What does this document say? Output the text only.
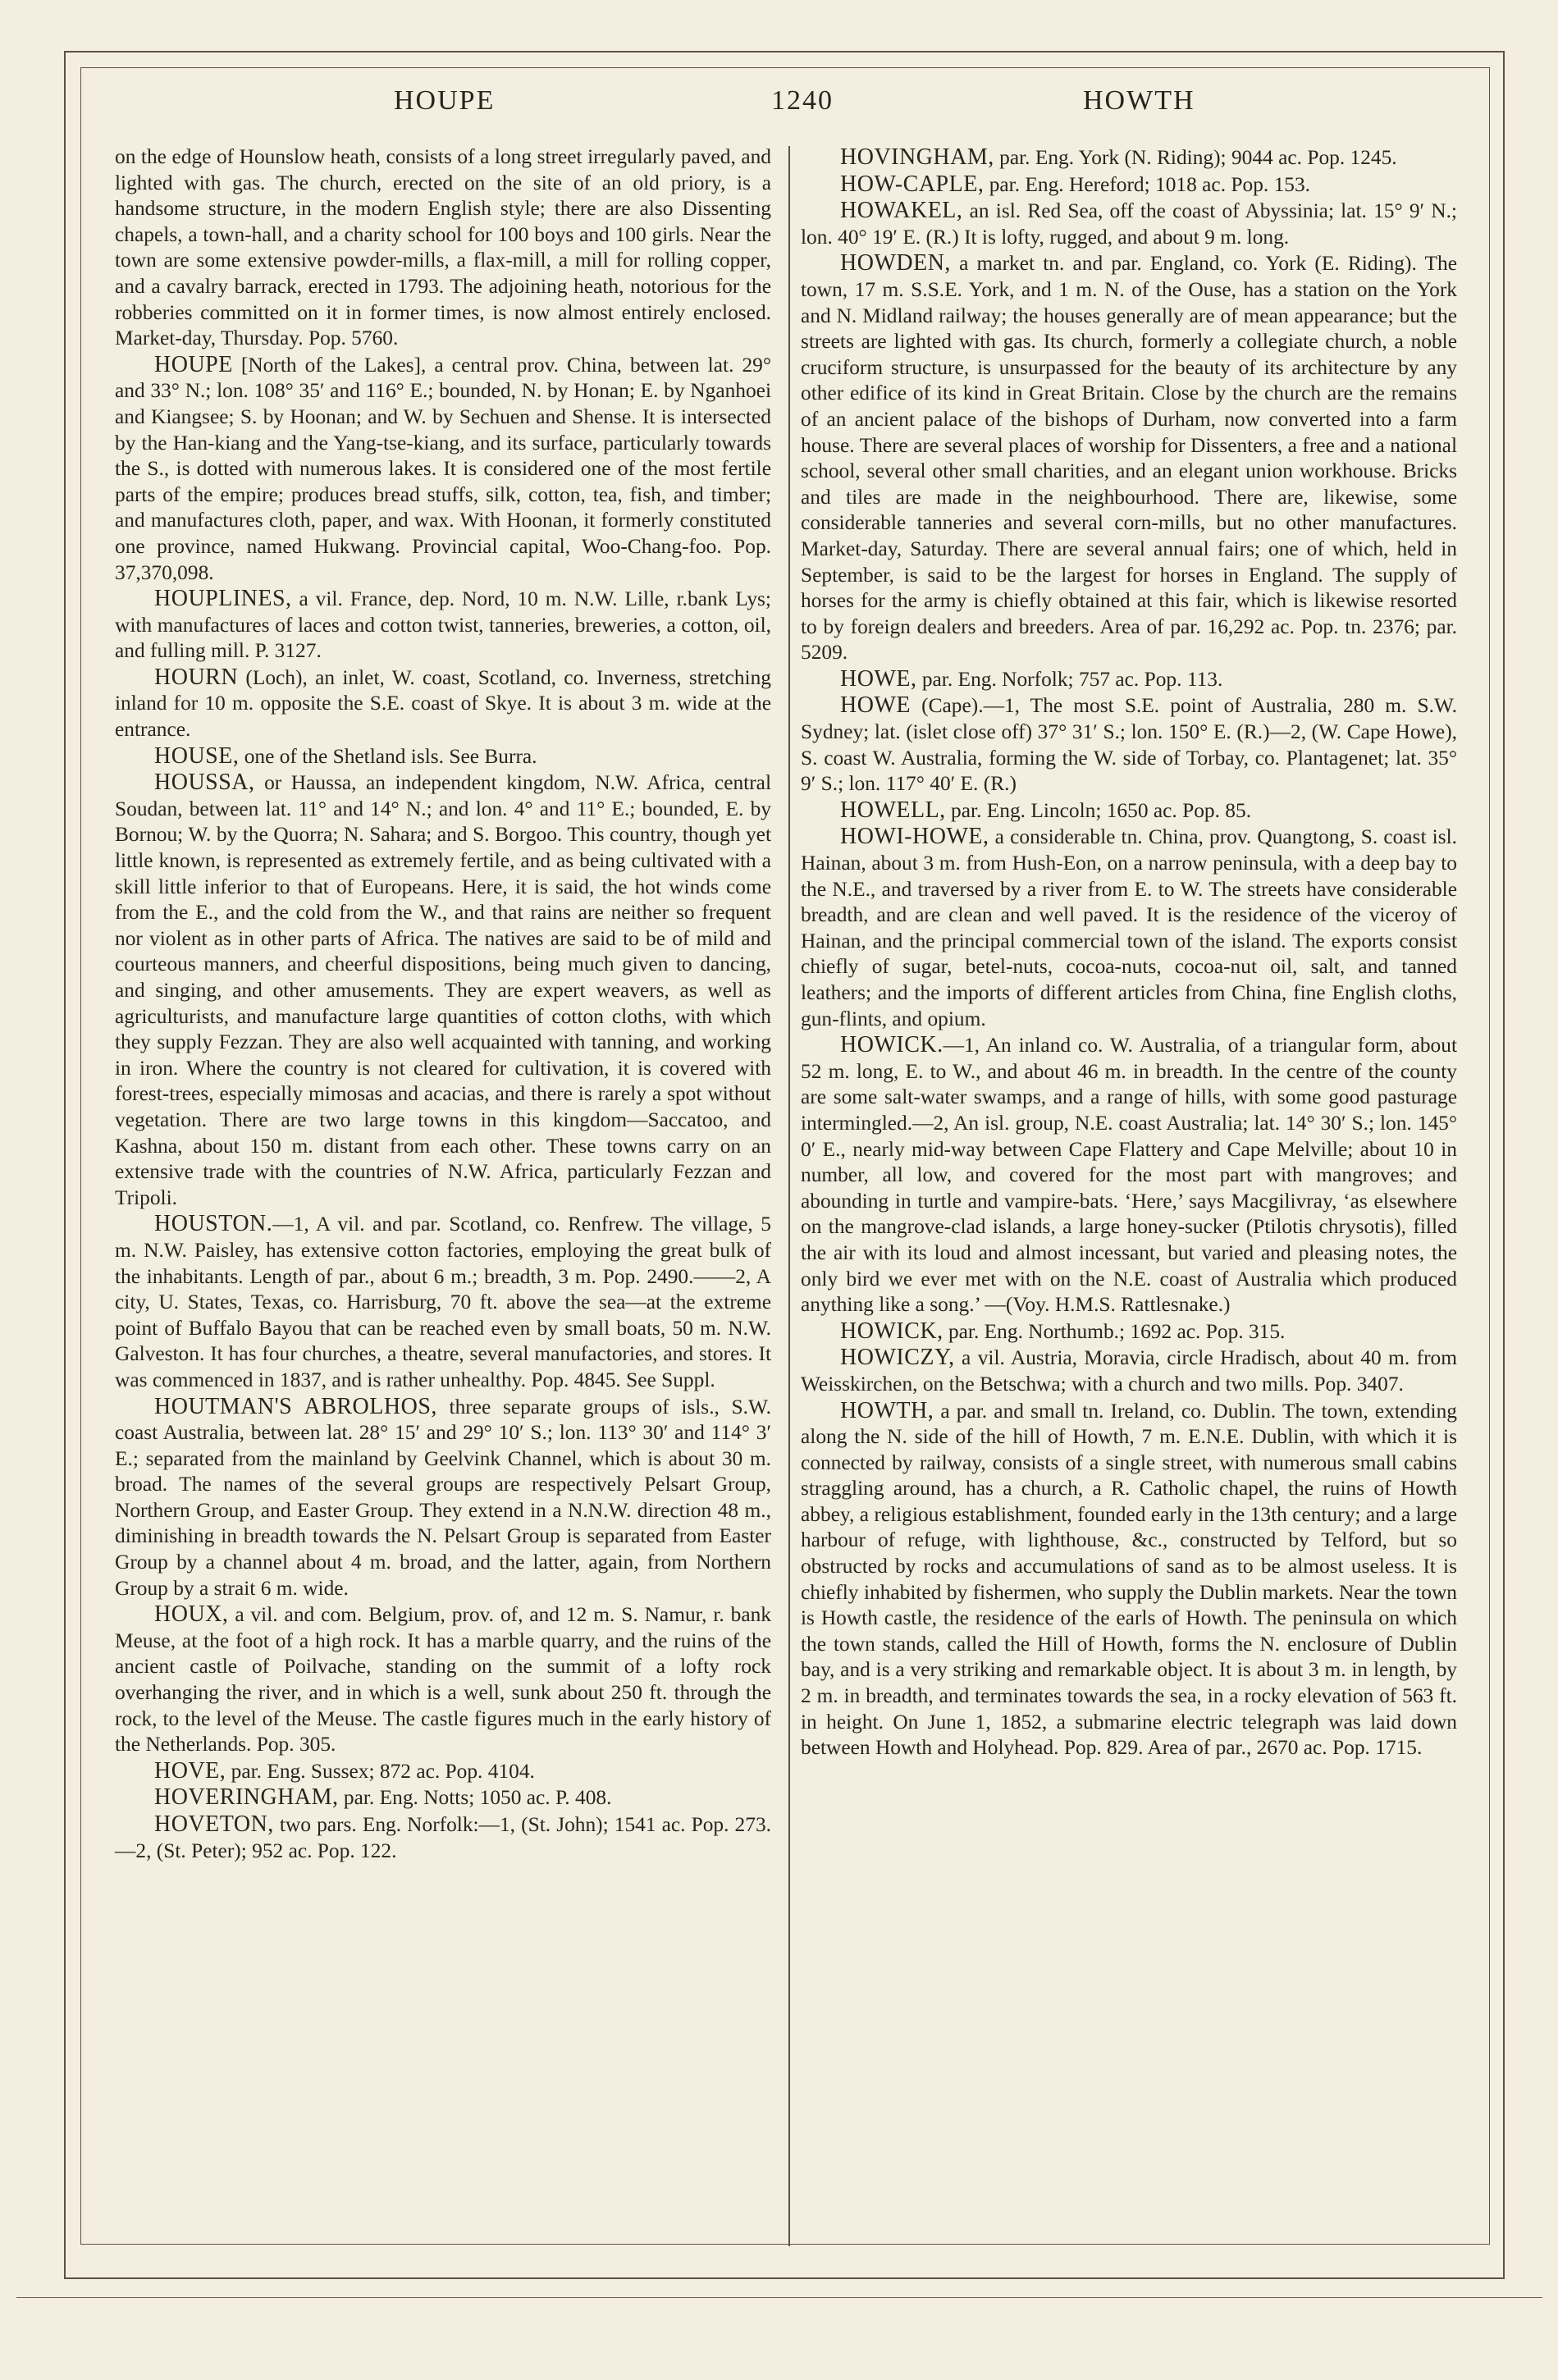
HOUPE	1240	HOWTH

on the edge of Hounslow heath, consists of a long street irregularly paved, and lighted with gas. The church, erected on the site of an old priory, is a handsome structure, in the modern English style; there are also Dissenting chapels, a town-hall, and a charity school for 100 boys and 100 girls. Near the town are some extensive powder-mills, a flax-mill, a mill for rolling copper, and a cavalry barrack, erected in 1793. The adjoining heath, notorious for the robberies committed on it in former times, is now almost entirely enclosed. Market-day, Thursday. Pop. 5760.

HOUPE [North of the Lakes], a central prov. China, between lat. 29° and 33° N.; lon. 108° 35′ and 116° E.; bounded, N. by Honan; E. by Nganhoei and Kiangsee; S. by Hoonan; and W. by Sechuen and Shense. It is intersected by the Han-kiang and the Yang-tse-kiang, and its surface, particularly towards the S., is dotted with numerous lakes. It is considered one of the most fertile parts of the empire; produces bread stuffs, silk, cotton, tea, fish, and timber; and manufactures cloth, paper, and wax. With Hoonan, it formerly constituted one province, named Hukwang. Provincial capital, Woo-Chang-foo. Pop. 37,370,098.

HOUPLINES, a vil. France, dep. Nord, 10 m. N.W. Lille, r.bank Lys; with manufactures of laces and cotton twist, tanneries, breweries, a cotton, oil, and fulling mill. P. 3127.

HOURN (Loch), an inlet, W. coast, Scotland, co. Inverness, stretching inland for 10 m. opposite the S.E. coast of Skye. It is about 3 m. wide at the entrance.

HOUSE, one of the Shetland isls. See Burra.

HOUSSA, or Haussa, an independent kingdom, N.W. Africa, central Soudan, between lat. 11° and 14° N.; and lon. 4° and 11° E.; bounded, E. by Bornou; W. by the Quorra; N. Sahara; and S. Borgoo. This country, though yet little known, is represented as extremely fertile, and as being cultivated with a skill little inferior to that of Europeans. Here, it is said, the hot winds come from the E., and the cold from the W., and that rains are neither so frequent nor violent as in other parts of Africa. The natives are said to be of mild and courteous manners, and cheerful dispositions, being much given to dancing, and singing, and other amusements. They are expert weavers, as well as agriculturists, and manufacture large quantities of cotton cloths, with which they supply Fezzan. They are also well acquainted with tanning, and working in iron. Where the country is not cleared for cultivation, it is covered with forest-trees, especially mimosas and acacias, and there is rarely a spot without vegetation. There are two large towns in this kingdom—Saccatoo, and Kashna, about 150 m. distant from each other. These towns carry on an extensive trade with the countries of N.W. Africa, particularly Fezzan and Tripoli.

HOUSTON.—1, A vil. and par. Scotland, co. Renfrew. The village, 5 m. N.W. Paisley, has extensive cotton factories, employing the great bulk of the inhabitants. Length of par., about 6 m.; breadth, 3 m. Pop. 2490.——2, A city, U. States, Texas, co. Harrisburg, 70 ft. above the sea—at the extreme point of Buffalo Bayou that can be reached even by small boats, 50 m. N.W. Galveston. It has four churches, a theatre, several manufactories, and stores. It was commenced in 1837, and is rather unhealthy. Pop. 4845. See Suppl.

HOUTMAN'S ABROLHOS, three separate groups of isls., S.W. coast Australia, between lat. 28° 15′ and 29° 10′ S.; lon. 113° 30′ and 114° 3′ E.; separated from the mainland by Geelvink Channel, which is about 30 m. broad. The names of the several groups are respectively Pelsart Group, Northern Group, and Easter Group. They extend in a N.N.W. direction 48 m., diminishing in breadth towards the N. Pelsart Group is separated from Easter Group by a channel about 4 m. broad, and the latter, again, from Northern Group by a strait 6 m. wide.

HOUX, a vil. and com. Belgium, prov. of, and 12 m. S. Namur, r. bank Meuse, at the foot of a high rock. It has a marble quarry, and the ruins of the ancient castle of Poilvache, standing on the summit of a lofty rock overhanging the river, and in which is a well, sunk about 250 ft. through the rock, to the level of the Meuse. The castle figures much in the early history of the Netherlands. Pop. 305.

HOVE, par. Eng. Sussex; 872 ac. Pop. 4104.

HOVERINGHAM, par. Eng. Notts; 1050 ac. P. 408.

HOVETON, two pars. Eng. Norfolk:—1, (St. John); 1541 ac. Pop. 273.—2, (St. Peter); 952 ac. Pop. 122.

HOVINGHAM, par. Eng. York (N. Riding); 9044 ac. Pop. 1245.

HOW-CAPLE, par. Eng. Hereford; 1018 ac. Pop. 153.

HOWAKEL, an isl. Red Sea, off the coast of Abyssinia; lat. 15° 9′ N.; lon. 40° 19′ E. (R.) It is lofty, rugged, and about 9 m. long.

HOWDEN, a market tn. and par. England, co. York (E. Riding). The town, 17 m. S.S.E. York, and 1 m. N. of the Ouse, has a station on the York and N. Midland railway; the houses generally are of mean appearance; but the streets are lighted with gas. Its church, formerly a collegiate church, a noble cruciform structure, is unsurpassed for the beauty of its architecture by any other edifice of its kind in Great Britain. Close by the church are the remains of an ancient palace of the bishops of Durham, now converted into a farm house. There are several places of worship for Dissenters, a free and a national school, several other small charities, and an elegant union workhouse. Bricks and tiles are made in the neighbourhood. There are, likewise, some considerable tanneries and several corn-mills, but no other manufactures. Market-day, Saturday. There are several annual fairs; one of which, held in September, is said to be the largest for horses in England. The supply of horses for the army is chiefly obtained at this fair, which is likewise resorted to by foreign dealers and breeders. Area of par. 16,292 ac. Pop. tn. 2376; par. 5209.

HOWE, par. Eng. Norfolk; 757 ac. Pop. 113.

HOWE (Cape).—1, The most S.E. point of Australia, 280 m. S.W. Sydney; lat. (islet close off) 37° 31′ S.; lon. 150° E. (R.)—2, (W. Cape Howe), S. coast W. Australia, forming the W. side of Torbay, co. Plantagenet; lat. 35° 9′ S.; lon. 117° 40′ E. (R.)

HOWELL, par. Eng. Lincoln; 1650 ac. Pop. 85.

HOWI-HOWE, a considerable tn. China, prov. Quangtong, S. coast isl. Hainan, about 3 m. from Hush-Eon, on a narrow peninsula, with a deep bay to the N.E., and traversed by a river from E. to W. The streets have considerable breadth, and are clean and well paved. It is the residence of the viceroy of Hainan, and the principal commercial town of the island. The exports consist chiefly of sugar, betel-nuts, cocoa-nuts, cocoa-nut oil, salt, and tanned leathers; and the imports of different articles from China, fine English cloths, gun-flints, and opium.

HOWICK.—1, An inland co. W. Australia, of a triangular form, about 52 m. long, E. to W., and about 46 m. in breadth. In the centre of the county are some salt-water swamps, and a range of hills, with some good pasturage intermingled.—2, An isl. group, N.E. coast Australia; lat. 14° 30′ S.; lon. 145° 0′ E., nearly mid-way between Cape Flattery and Cape Melville; about 10 in number, all low, and covered for the most part with mangroves; and abounding in turtle and vampire-bats. ‘Here,’ says Macgilivray, ‘as elsewhere on the mangrove-clad islands, a large honey-sucker (Ptilotis chrysotis), filled the air with its loud and almost incessant, but varied and pleasing notes, the only bird we ever met with on the N.E. coast of Australia which produced anything like a song.’ —(Voy. H.M.S. Rattlesnake.)

HOWICK, par. Eng. Northumb.; 1692 ac. Pop. 315.

HOWICZY, a vil. Austria, Moravia, circle Hradisch, about 40 m. from Weisskirchen, on the Betschwa; with a church and two mills. Pop. 3407.

HOWTH, a par. and small tn. Ireland, co. Dublin. The town, extending along the N. side of the hill of Howth, 7 m. E.N.E. Dublin, with which it is connected by railway, consists of a single street, with numerous small cabins straggling around, has a church, a R. Catholic chapel, the ruins of Howth abbey, a religious establishment, founded early in the 13th century; and a large harbour of refuge, with lighthouse, &c., constructed by Telford, but so obstructed by rocks and accumulations of sand as to be almost useless. It is chiefly inhabited by fishermen, who supply the Dublin markets. Near the town is Howth castle, the residence of the earls of Howth. The peninsula on which the town stands, called the Hill of Howth, forms the N. enclosure of Dublin bay, and is a very striking and remarkable object. It is about 3 m. in length, by 2 m. in breadth, and terminates towards the sea, in a rocky elevation of 563 ft. in height. On June 1, 1852, a submarine electric telegraph was laid down between Howth and Holyhead. Pop. 829. Area of par., 2670 ac. Pop. 1715.
